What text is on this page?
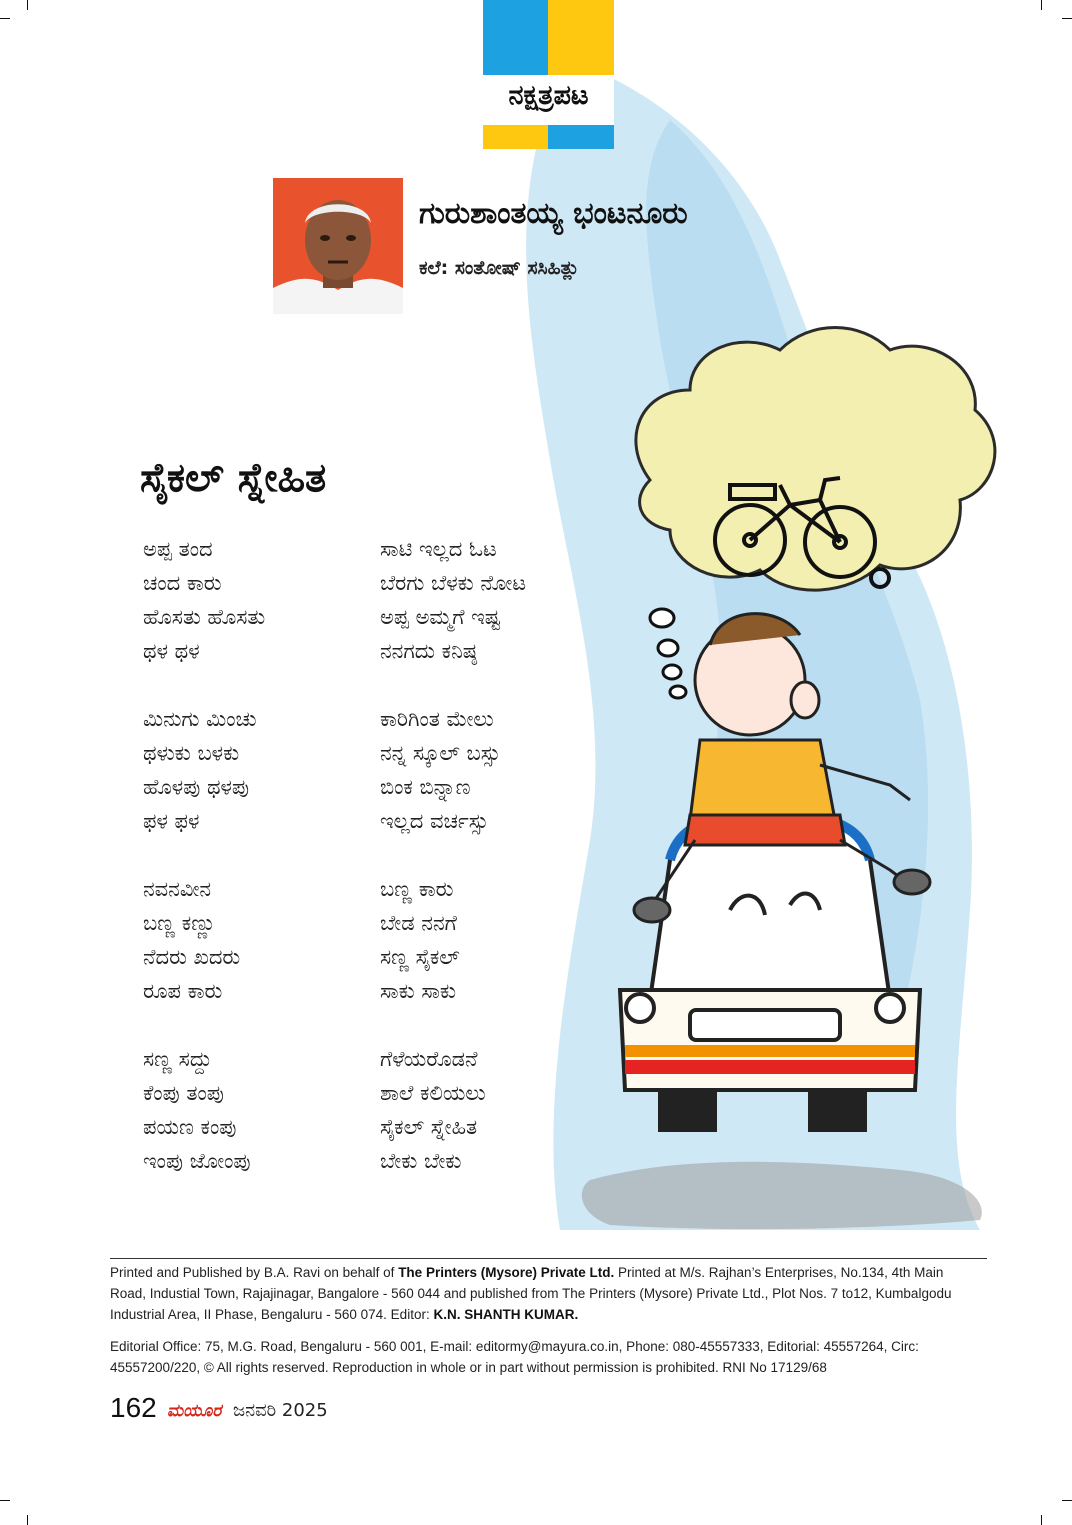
ನಕ್ಷತ್ರಪಟ
ಗುರುಶಾಂತಯ್ಯ ಭಂಟನೂರು
ಕಲೆ: ಸಂತೋಷ್ ಸಸಿಹಿತ್ಲು
ಸೈಕಲ್ ಸ್ನೇಹಿತ
ಅಪ್ಪ ತಂದ	ಸಾಟಿ ಇಲ್ಲದ ಓಟ
ಚಂದ ಕಾರು	ಬೆರಗು ಬೆಳಕು ನೋಟ
ಹೊಸತು ಹೊಸತು	ಅಪ್ಪ ಅಮ್ಮಗೆ ಇಷ್ಟ
ಥಳ ಥಳ	ನನಗದು ಕನಿಷ್ಠ
ಮಿನುಗು ಮಿಂಚು	ಕಾರಿಗಿಂತ ಮೇಲು
ಥಳುಕು ಬಳಕು	ನನ್ನ ಸ್ಕೂಲ್ ಬಸ್ಸು
ಹೊಳಪು ಥಳಪು	ಬಿಂಕ ಬಿನ್ನಾಣ
ಫಳ ಫಳ	ಇಲ್ಲದ ವರ್ಚಸ್ಸು
ನವನವೀನ	ಬಣ್ಣ ಕಾರು
ಬಣ್ಣ ಕಣ್ಣು	ಬೇಡ ನನಗೆ
ನೆದರು ಖದರು	ಸಣ್ಣ ಸೈಕಲ್
ರೂಪ ಕಾರು	ಸಾಕು ಸಾಕು
ಸಣ್ಣ ಸದ್ದು	ಗೆಳೆಯರೊಡನೆ
ಕೆಂಪು ತಂಪು	ಶಾಲೆ ಕಲಿಯಲು
ಪಯಣ ಕಂಪು	ಸೈಕಲ್ ಸ್ನೇಹಿತ
ಇಂಪು ಜೋಂಪು	ಬೇಕು ಬೇಕು
Printed and Published by B.A. Ravi on behalf of The Printers (Mysore) Private Ltd. Printed at M/s. Rajhan’s Enterprises, No.134, 4th Main Road, Industial Town, Rajajinagar, Bangalore - 560 044 and published from The Printers (Mysore) Private Ltd., Plot Nos. 7 to12, Kumbalgodu Industrial Area, II Phase, Bengaluru - 560 074. Editor: K.N. SHANTH KUMAR.
Editorial Office: 75, M.G. Road, Bengaluru - 560 001, E-mail: editormy@mayura.co.in, Phone: 080-45557333, Editorial: 45557264, Circ: 45557200/220, © All rights reserved. Reproduction in whole or in part without permission is prohibited. RNI No 17129/68
162 ಮಯೂರ ಜನವರಿ 2025
